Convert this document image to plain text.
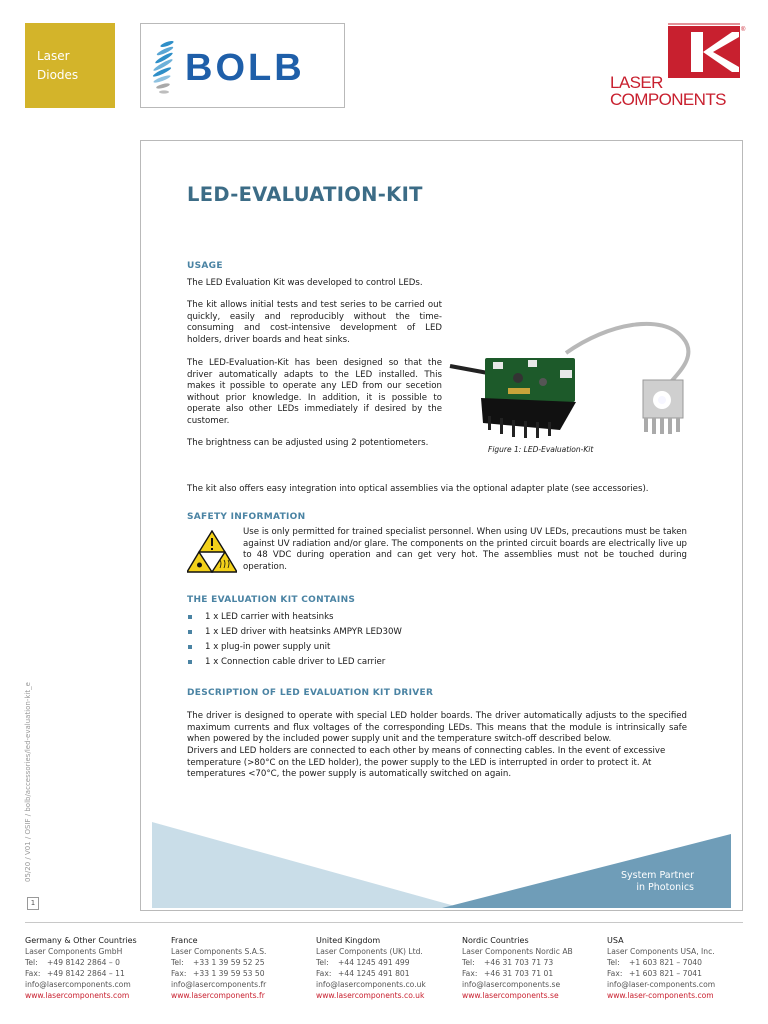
Laser
Diodes	BOLB
®
LASER
COMPONENTS
LED-EVALUATION-KIT
USAGE
The LED Evaluation Kit was developed to control LEDs.
The kit allows initial tests and test series to be carried out quickly, easily and reproducibly without the time-consuming and cost-intensive development of LED holders, driver boards and heat sinks.
The LED-Evaluation-Kit has been designed so that the driver automatically adapts to the LED installed. This makes it possible to operate any LED from our secetion without prior knowledge. In addition, it is possible to operate also other LEDs immediately if desired by the customer.
The brightness can be adjusted using 2 potentiometers.
The kit also offers easy integration into optical assemblies via the optional adapter plate (see accessories).
Figure 1: LED-Evaluation-Kit
SAFETY INFORMATION
Use is only permitted for trained specialist personnel. When using UV LEDs, precautions must be taken against UV radiation and/or glare. The components on the printed circuit boards are electrically live up to 48 VDC during operation and can get very hot. The assemblies must not be touched during operation.
THE EVALUATION KIT CONTAINS
1 x LED carrier with heatsinks
1 x LED driver with heatsinks AMPYR LED30W
1 x plug-in power supply unit
1 x Connection cable driver to LED carrier
DESCRIPTION OF LED EVALUATION KIT DRIVER
The driver is designed to operate with special LED holder boards. The driver automatically adjusts to the specified maximum currents and flux voltages of the corresponding LEDs. This means that the module is intrinsically safe when powered by the included power supply unit and the temperature switch-off described below.
Drivers and LED holders are connected to each other by means of connecting cables. In the event of excessive temperature (>80°C on the LED holder), the power supply to the LED is interrupted in order to protect it. At temperatures <70°C, the power supply is automatically switched on again.
System Partner
in Photonics
05/20 / V01 / OSIF / bolb/accessories/led-evaluation-kit_e
1
Germany & Other Countries
Laser Components GmbH
Tel: +49 8142 2864 – 0
Fax: +49 8142 2864 – 11
info@lasercomponents.com
www.lasercomponents.com
France
Laser Components S.A.S.
Tel: +33 1 39 59 52 25
Fax: +33 1 39 59 53 50
info@lasercomponents.fr
www.lasercomponents.fr
United Kingdom
Laser Components (UK) Ltd.
Tel: +44 1245 491 499
Fax: +44 1245 491 801
info@lasercomponents.co.uk
www.lasercomponents.co.uk
Nordic Countries
Laser Components Nordic AB
Tel: +46 31 703 71 73
Fax: +46 31 703 71 01
info@lasercomponents.se
www.lasercomponents.se
USA
Laser Components USA, Inc.
Tel: +1 603 821 – 7040
Fax: +1 603 821 – 7041
info@laser-components.com
www.laser-components.com
